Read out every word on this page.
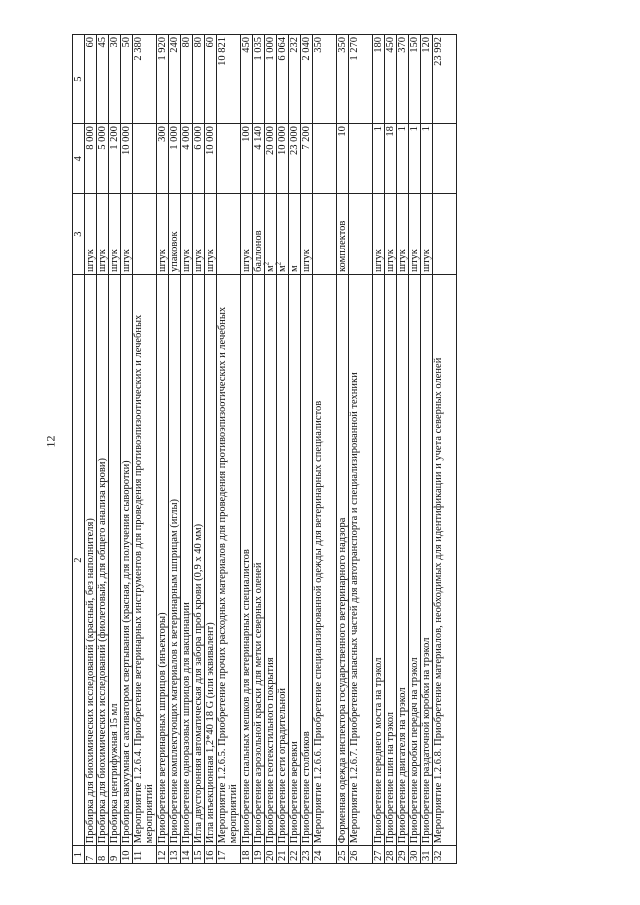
12
1	2	3	4	5
7	Пробирка для биохимических исследований (красный, без наполнителя)	штук	8 000	60
8	Пробирка для биохимических исследований (фиолетовый, для общего анализа крови)	штук	5 000	45
9	Пробирка центрифужная 15 мл	штук	1 200	30
10	Пробирка вакуумная с активатором свертывания (красная, для получения сыворотки)	штук	10 000	50
11	Мероприятие 1.2.6.4. Приобретение ветеринарных инструментов для проведения противоэпизоотических и лечебных мероприятий			2 380
12	Приобретение ветеринарных шприцов (инъекторы)	штук	300	1 920
13	Приобретение комплектующих материалов к ветеринарным шприцам (иглы)	упаковок	1 000	240
14	Приобретение одноразовых шприцов для вакцинации	штук	4 000	80
15	Игла двусторонняя автоматическая для забора проб крови (0,9 х 40 мм)	штук	6 000	80
16	Игла инъекционная 1,2*40 18 G (или эквивалент)	штук	10 000	60
17	Мероприятие 1.2.6.5. Приобретение прочих расходных материалов для проведения противоэпизоотических и лечебных мероприятий			10 821
18	Приобретение спальных мешков для ветеринарных специалистов	штук	100	450
19	Приобретение аэрозольной краски для метки северных оленей	баллонов	4 140	1 035
20	Приобретение геотекстильного покрытия	$м^2$	20 000	1 000
21	Приобретение сети оградительной	$м^2$	10 000	6 064
22	Приобретение веревки	м	23 000	232
23	Приобретение столбиков	штук	7 200	2 040
24	Мероприятие 1.2.6.6. Приобретение специализированной одежды для ветеринарных специалистов			350
25	Форменная одежда инспектора государственного ветеринарного надзора	комплектов	10	350
26	Мероприятие 1.2.6.7. Приобретение запасных частей для автотранспорта и специализированной техники			1 270
27	Приобретение переднего моста на трэкол	штук	1	180
28	Приобретение шин на трэкол	штук	18	450
29	Приобретение двигателя на трэкол	штук	1	370
30	Приобретение коробки передач на трэкол	штук	1	150
31	Приобретение раздаточной коробки на трэкол	штук	1	120
32	Мероприятие 1.2.6.8. Приобретение материалов, необходимых для идентификации и учета северных оленей			23 992
